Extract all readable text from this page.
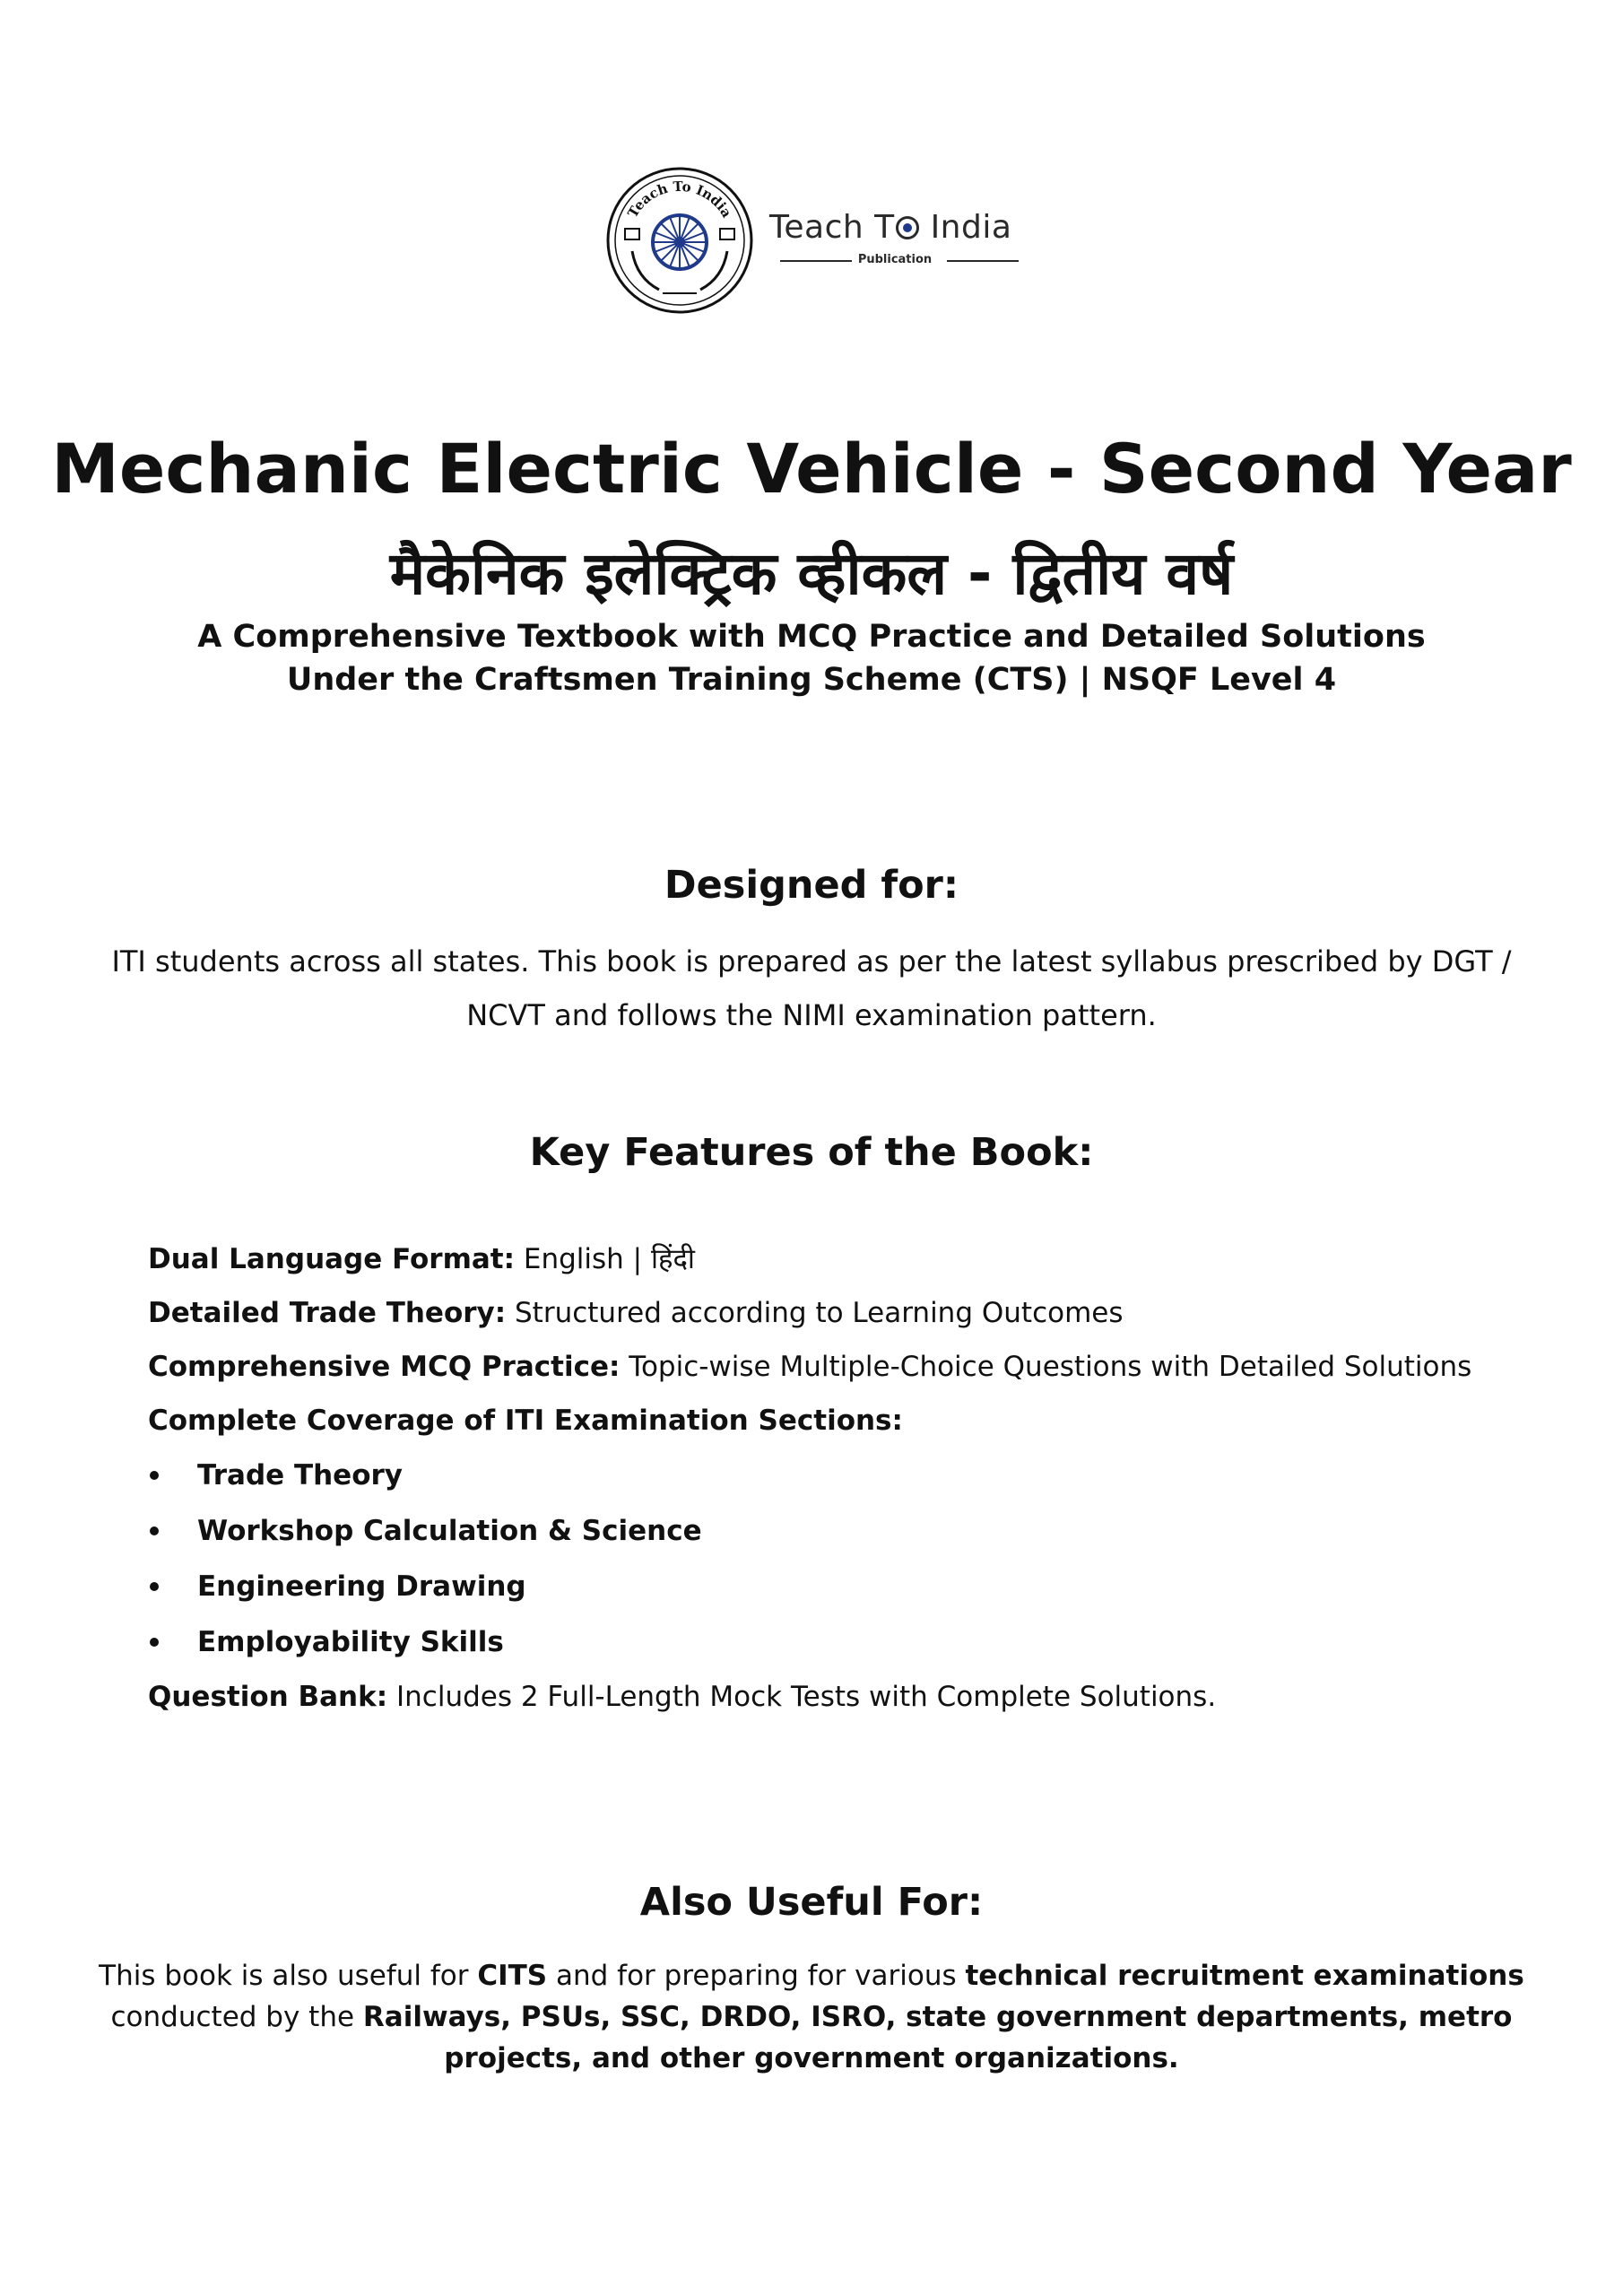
Teach To India Teach T India
Publication
Mechanic Electric Vehicle - Second Year
मैकेनिक इलेक्ट्रिक व्हीकल - द्वितीय वर्ष
A Comprehensive Textbook with MCQ Practice and Detailed Solutions
Under the Craftsmen Training Scheme (CTS) | NSQF Level 4
Designed for:
ITI students across all states. This book is prepared as per the latest syllabus prescribed by DGT / NCVT and follows the NIMI examination pattern.
Key Features of the Book:
Dual Language Format: English | हिंदी
Detailed Trade Theory: Structured according to Learning Outcomes
Comprehensive MCQ Practice: Topic-wise Multiple-Choice Questions with Detailed Solutions
Complete Coverage of ITI Examination Sections:
Trade Theory
Workshop Calculation & Science
Engineering Drawing
Employability Skills
Question Bank: Includes 2 Full-Length Mock Tests with Complete Solutions.
Also Useful For:
This book is also useful for CITS and for preparing for various technical recruitment examinations conducted by the Railways, PSUs, SSC, DRDO, ISRO, state government departments, metro projects, and other government organizations.
